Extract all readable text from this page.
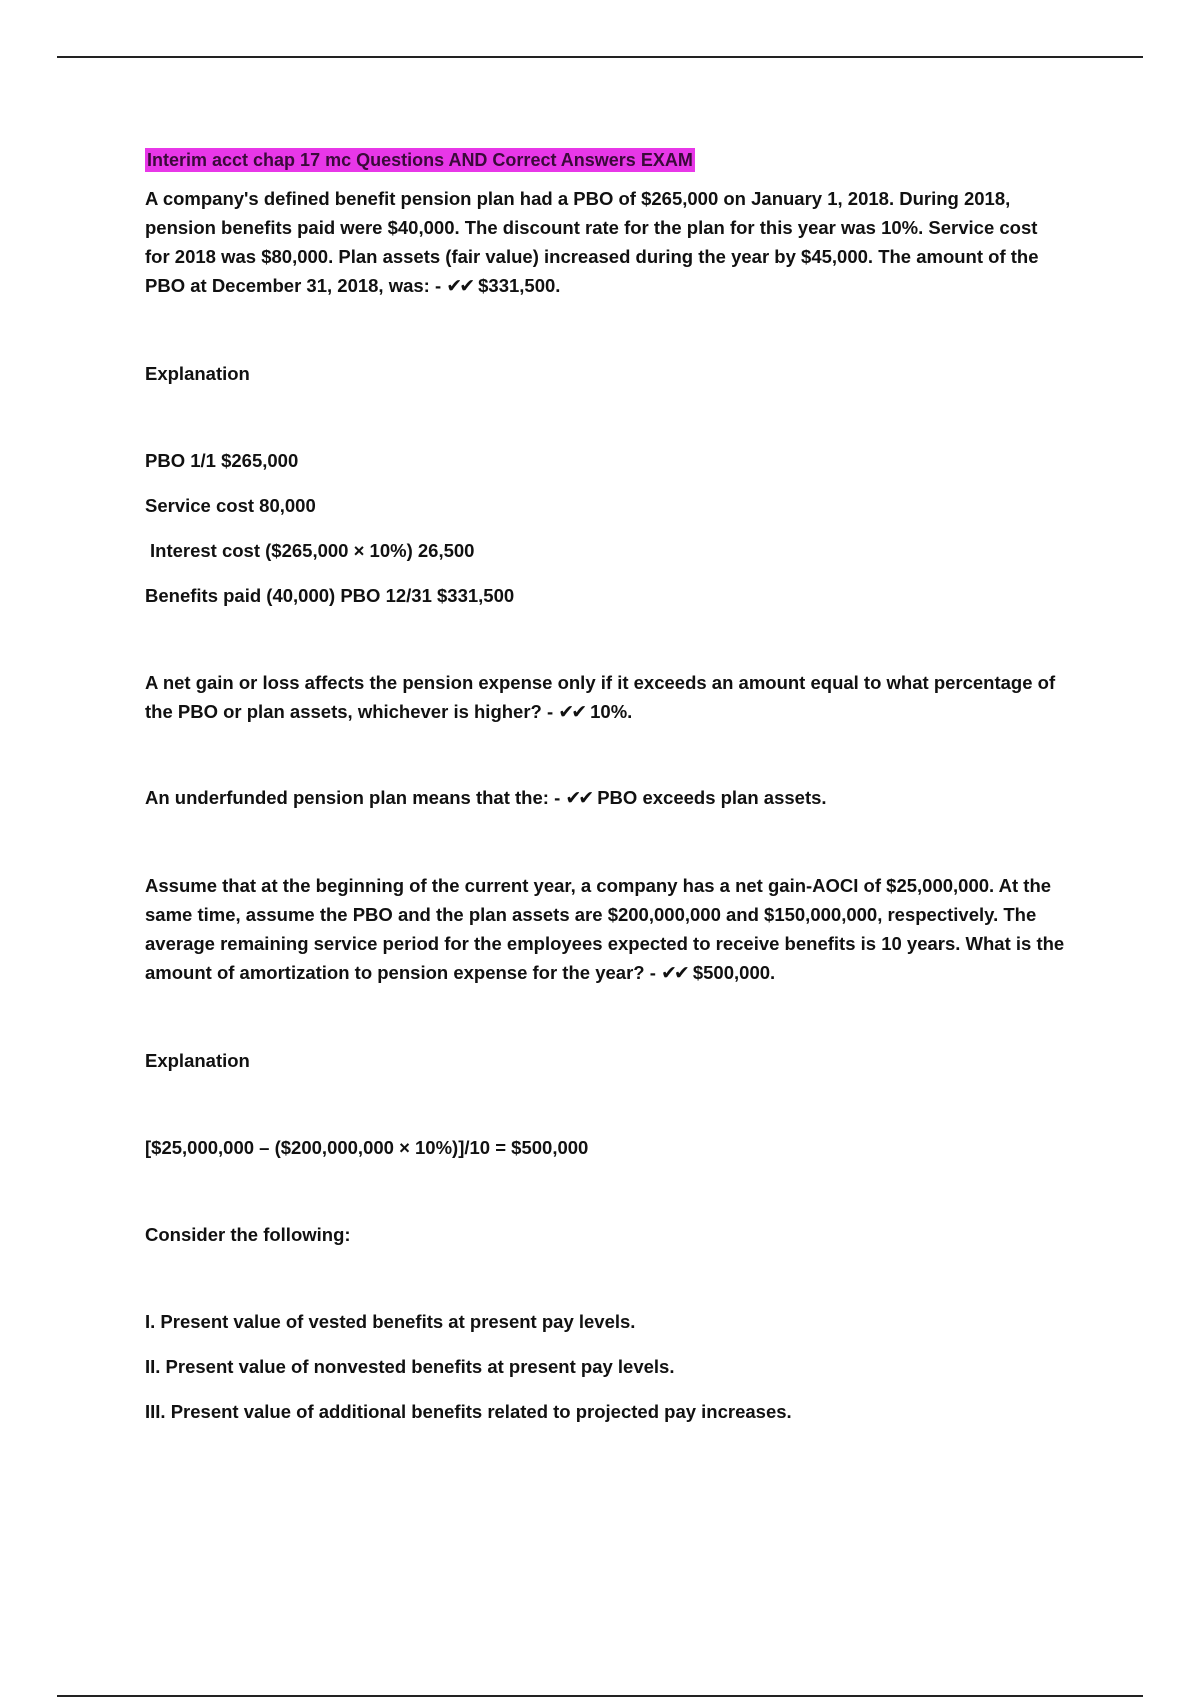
Interim acct chap 17 mc Questions AND Correct Answers EXAM

A company's defined benefit pension plan had a PBO of $265,000 on January 1, 2018. During 2018, pension benefits paid were $40,000. The discount rate for the plan for this year was 10%. Service cost for 2018 was $80,000. Plan assets (fair value) increased during the year by $45,000. The amount of the PBO at December 31, 2018, was: - ✔✔ $331,500.

Explanation

PBO 1/1 $265,000

Service cost 80,000

Interest cost ($265,000 × 10%) 26,500

Benefits paid (40,000) PBO 12/31 $331,500

A net gain or loss affects the pension expense only if it exceeds an amount equal to what percentage of the PBO or plan assets, whichever is higher? - ✔✔ 10%.

An underfunded pension plan means that the: - ✔✔ PBO exceeds plan assets.

Assume that at the beginning of the current year, a company has a net gain-AOCI of $25,000,000. At the same time, assume the PBO and the plan assets are $200,000,000 and $150,000,000, respectively. The average remaining service period for the employees expected to receive benefits is 10 years. What is the amount of amortization to pension expense for the year? - ✔✔ $500,000.

Explanation

[$25,000,000 – ($200,000,000 × 10%)]/10 = $500,000

Consider the following:

I. Present value of vested benefits at present pay levels.

II. Present value of nonvested benefits at present pay levels.

III. Present value of additional benefits related to projected pay increases.
